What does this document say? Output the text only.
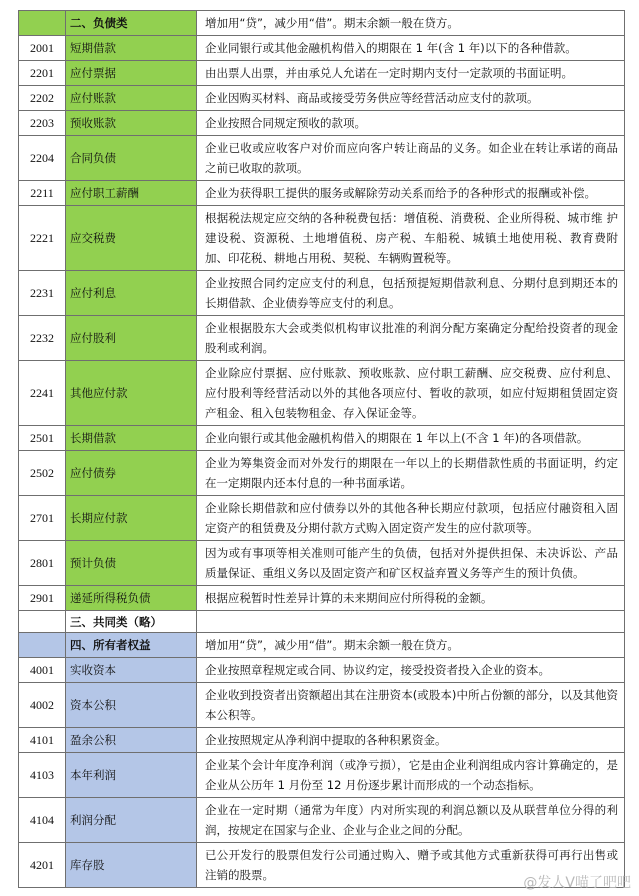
	二、负债类	增加用“贷”，减少用“借”。期末余额一般在贷方。
2001	短期借款	企业同银行或其他金融机构借入的期限在 1 年(含 1 年)以下的各种借款。
2201	应付票据	由出票人出票，并由承兑人允诺在一定时期内支付一定款项的书面证明。
2202	应付账款	企业因购买材料、商品或接受劳务供应等经营活动应支付的款项。
2203	预收账款	企业按照合同规定预收的款项。
2204	合同负债	企业已收或应收客户对价而应向客户转让商品的义务。如企业在转让承诺的商品之前已收取的款项。
2211	应付职工薪酬	企业为获得职工提供的服务或解除劳动关系而给予的各种形式的报酬或补偿。
2221	应交税费	根据税法规定应交纳的各种税费包括：增值税、消费税、企业所得税、城市维 护建设税、资源税、土地增值税、房产税、车船税、城镇土地使用税、教育费附加、印花税、耕地占用税、契税、车辆购置税等。
2231	应付利息	企业按照合同约定应支付的利息，包括预提短期借款利息、分期付息到期还本的长期借款、企业债券等应支付的利息。
2232	应付股利	企业根据股东大会或类似机构审议批准的利润分配方案确定分配给投资者的现金股利或利润。
2241	其他应付款	企业除应付票据、应付账款、预收账款、应付职工薪酬、应交税费、应付利息、应付股利等经营活动以外的其他各项应付、暂收的款项，如应付短期租赁固定资产租金、租入包装物租金、存入保证金等。
2501	长期借款	企业向银行或其他金融机构借入的期限在 1 年以上(不含 1 年)的各项借款。
2502	应付债券	企业为筹集资金而对外发行的期限在一年以上的长期借款性质的书面证明，约定在一定期限内还本付息的一种书面承诺。
2701	长期应付款	企业除长期借款和应付债券以外的其他各种长期应付款项，包括应付融资租入固定资产的租赁费及分期付款方式购入固定资产发生的应付款项等。
2801	预计负债	因为或有事项等相关准则可能产生的负债，包括对外提供担保、未决诉讼、产品质量保证、重组义务以及固定资产和矿区权益弃置义务等产生的预计负债。
2901	递延所得税负债	根据应税暂时性差异计算的未来期间应付所得税的金额。
	三、共同类（略）	
	四、所有者权益	增加用“贷”，减少用“借”。期末余额一般在贷方。
4001	实收资本	企业按照章程规定或合同、协议约定，接受投资者投入企业的资本。
4002	资本公积	企业收到投资者出资额超出其在注册资本(或股本)中所占份额的部分，以及其他资本公积等。
4101	盈余公积	企业按照规定从净利润中提取的各种积累资金。
4103	本年利润	企业某个会计年度净利润（或净亏损），它是由企业利润组成内容计算确定的，是企业从公历年 1 月份至 12 月份逐步累计而形成的一个动态指标。
4104	利润分配	企业在一定时期（通常为年度）内对所实现的利润总额以及从联营单位分得的利润，按规定在国家与企业、企业与企业之间的分配。
4201	库存股	已公开发行的股票但发行公司通过购入、赠予或其他方式重新获得可再行出售或注销的股票。	@发人V喵了吧吧
